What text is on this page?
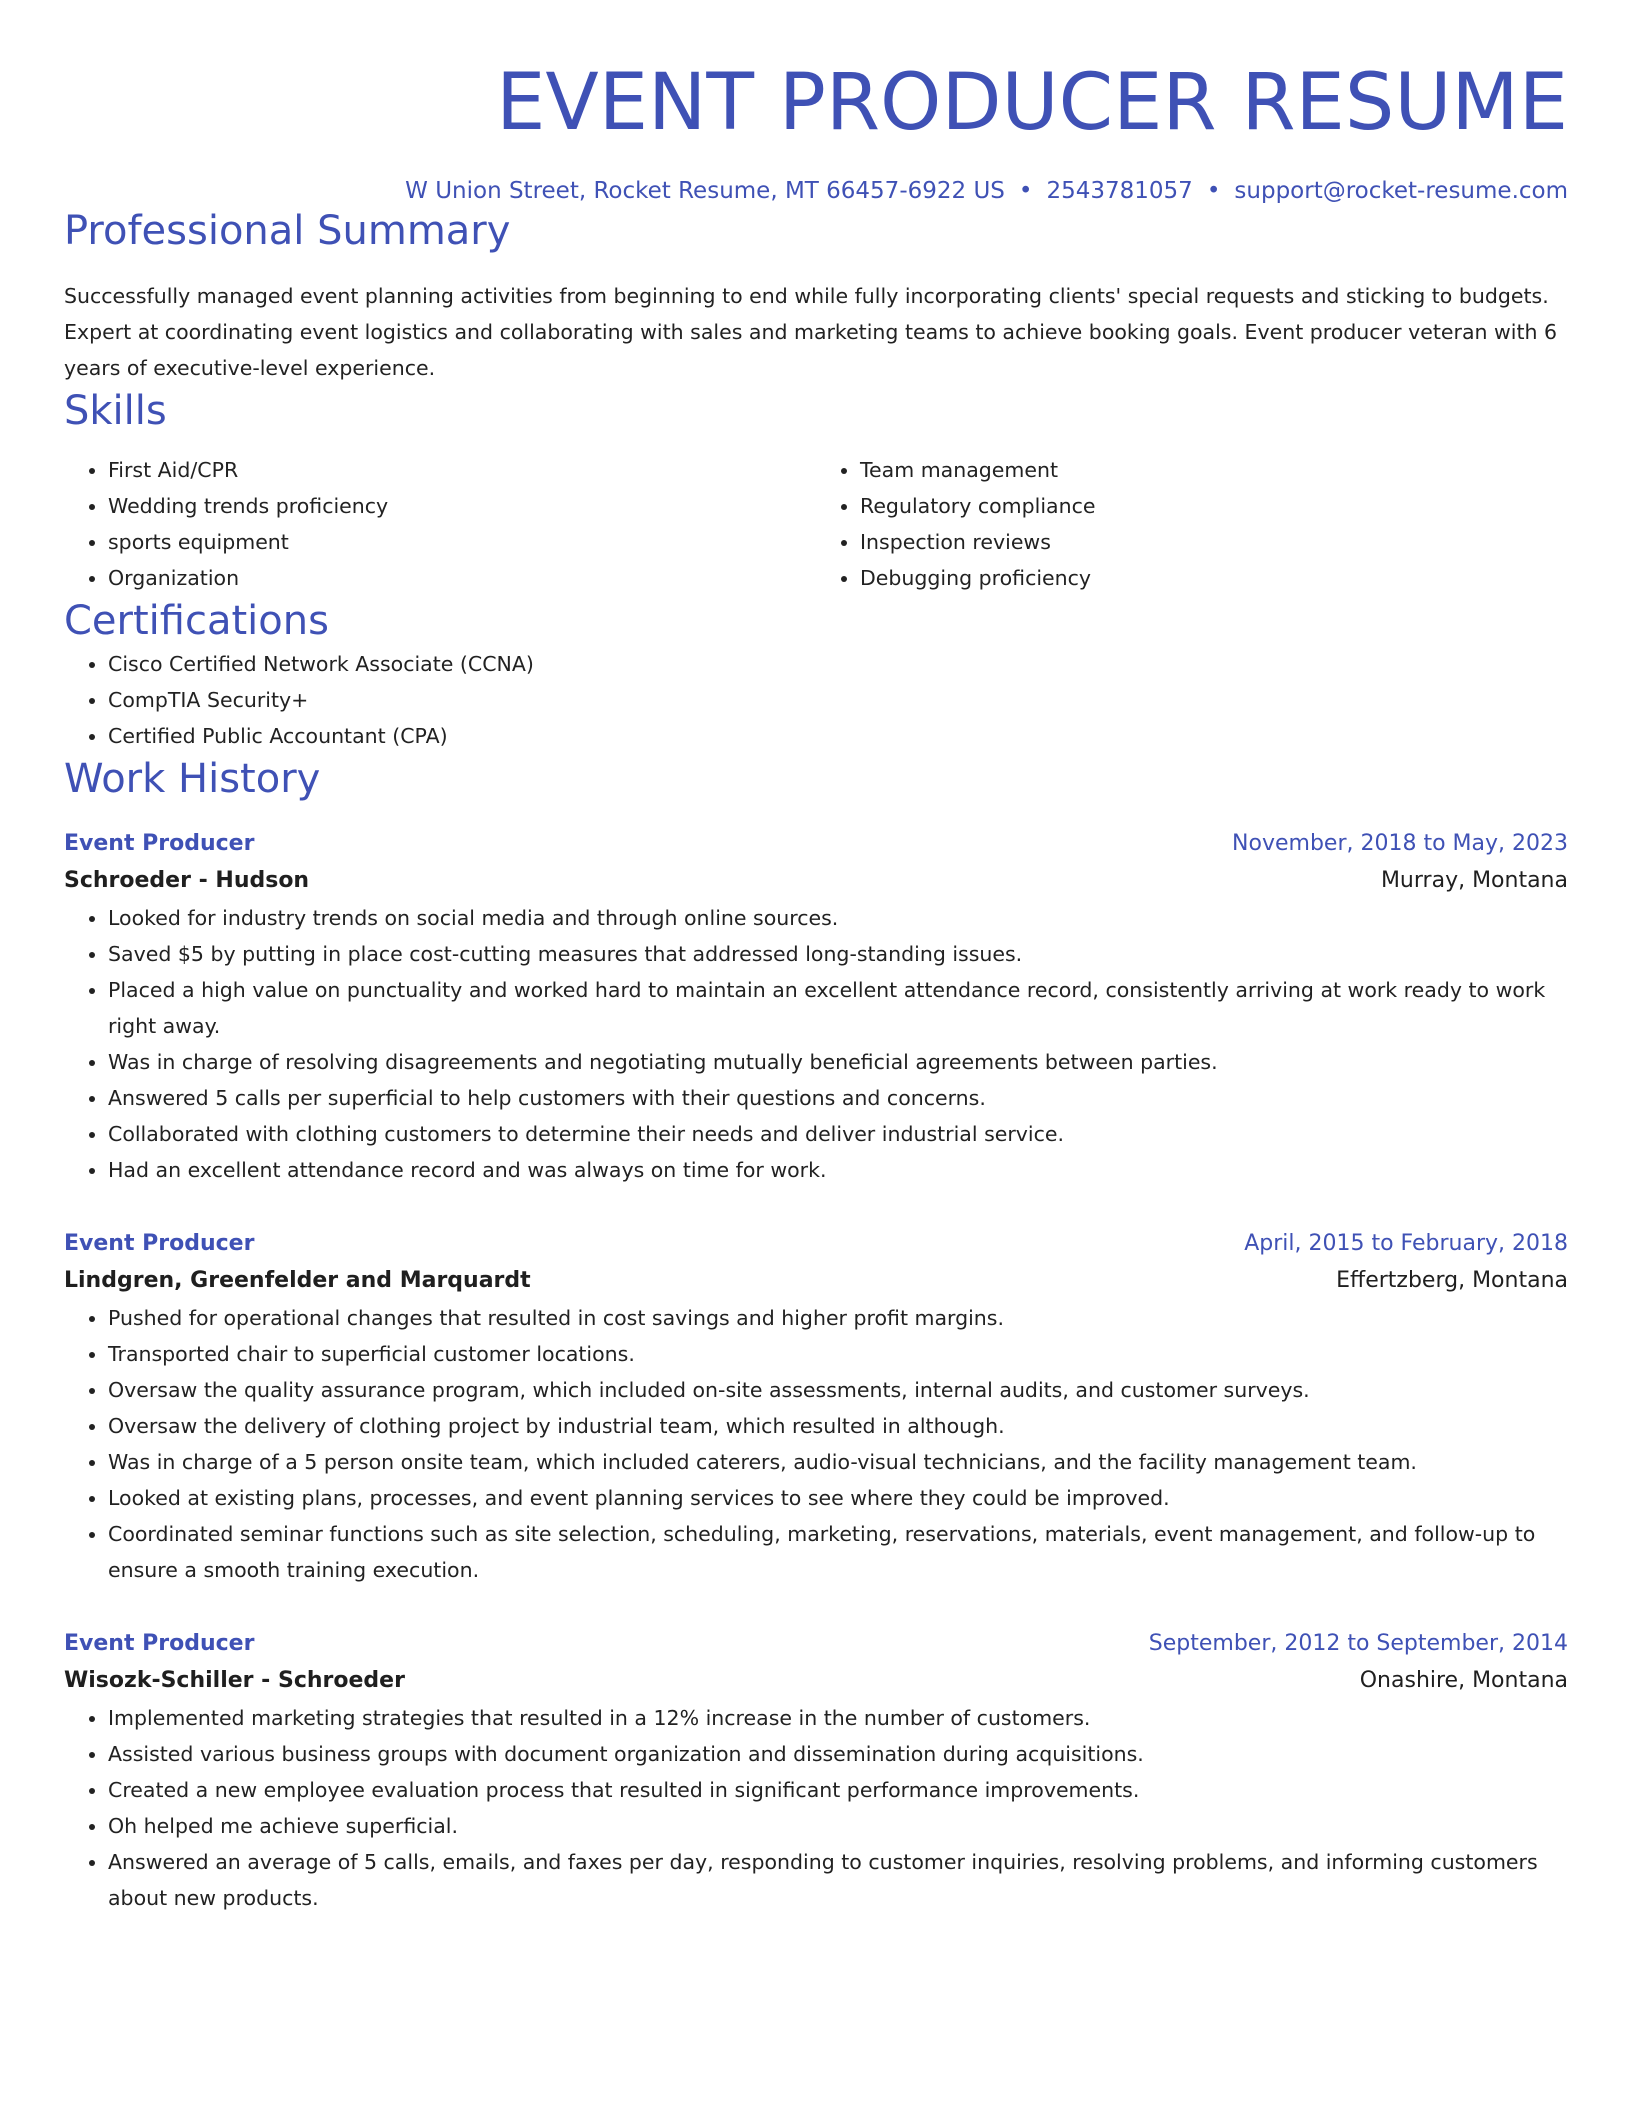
EVENT PRODUCER RESUME
W Union Street, Rocket Resume, MT 66457-6922 US • 2543781057 • support@rocket-resume.com
Professional Summary
Successfully managed event planning activities from beginning to end while fully incorporating clients' special requests and sticking to budgets. Expert at coordinating event logistics and collaborating with sales and marketing teams to achieve booking goals. Event producer veteran with 6 years of executive-level experience.
Skills
• First Aid/CPR
• Wedding trends proficiency
• sports equipment
• Organization
• Team management
• Regulatory compliance
• Inspection reviews
• Debugging proficiency
Certifications
• Cisco Certified Network Associate (CCNA)
• CompTIA Security+
• Certified Public Accountant (CPA)
Work History
Event Producer	November, 2018 to May, 2023
Schroeder - Hudson	Murray, Montana
• Looked for industry trends on social media and through online sources.
• Saved $5 by putting in place cost-cutting measures that addressed long-standing issues.
• Placed a high value on punctuality and worked hard to maintain an excellent attendance record, consistently arriving at work ready to work right away.
• Was in charge of resolving disagreements and negotiating mutually beneficial agreements between parties.
• Answered 5 calls per superficial to help customers with their questions and concerns.
• Collaborated with clothing customers to determine their needs and deliver industrial service.
• Had an excellent attendance record and was always on time for work.
Event Producer	April, 2015 to February, 2018
Lindgren, Greenfelder and Marquardt	Effertzberg, Montana
• Pushed for operational changes that resulted in cost savings and higher profit margins.
• Transported chair to superficial customer locations.
• Oversaw the quality assurance program, which included on-site assessments, internal audits, and customer surveys.
• Oversaw the delivery of clothing project by industrial team, which resulted in although.
• Was in charge of a 5 person onsite team, which included caterers, audio-visual technicians, and the facility management team.
• Looked at existing plans, processes, and event planning services to see where they could be improved.
• Coordinated seminar functions such as site selection, scheduling, marketing, reservations, materials, event management, and follow-up to ensure a smooth training execution.
Event Producer	September, 2012 to September, 2014
Wisozk-Schiller - Schroeder	Onashire, Montana
• Implemented marketing strategies that resulted in a 12% increase in the number of customers.
• Assisted various business groups with document organization and dissemination during acquisitions.
• Created a new employee evaluation process that resulted in significant performance improvements.
• Oh helped me achieve superficial.
• Answered an average of 5 calls, emails, and faxes per day, responding to customer inquiries, resolving problems, and informing customers about new products.
